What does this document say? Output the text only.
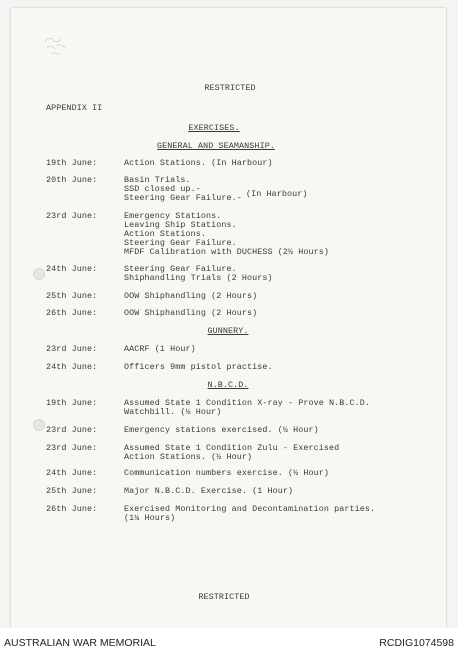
RESTRICTED
APPENDIX II
EXERCISES.
GENERAL AND SEAMANSHIP.
19th June:	Action Stations. (In Harbour)
20th June:	Basin Trials.
SSD closed up.-
Steering Gear Failure.- (In Harbour)
23rd June:	Emergency Stations.
Leaving Ship Stations.
Action Stations.
Steering Gear Failure.
MFDF Calibration with DUCHESS (2½ Hours)
24th June:	Steering Gear Failure.
Shiphandling Trials (2 Hours)
25th June:	OOW Shiphandling (2 Hours)
26th June:	OOW Shiphandling (2 Hours)
GUNNERY.
23rd June:	AACRF (1 Hour)
24th June:	Officers 9mm pistol practise.
N.B.C.D.
19th June:	Assumed State 1 Condition X-ray - Prove N.B.C.D.
Watchbill. (½ Hour)
23rd June:	Emergency stations exercised. (½ Hour)
23rd June:	Assumed State 1 Condition Zulu - Exercised
Action Stations. (½ Hour)
24th June:	Communication numbers exercise. (½ Hour)
25th June:	Major N.B.C.D. Exercise. (1 Hour)
26th June:	Exercised Monitoring and Decontamination parties.
(1¼ Hours)
RESTRICTED
AUSTRALIAN WAR MEMORIAL	RCDIG1074598
